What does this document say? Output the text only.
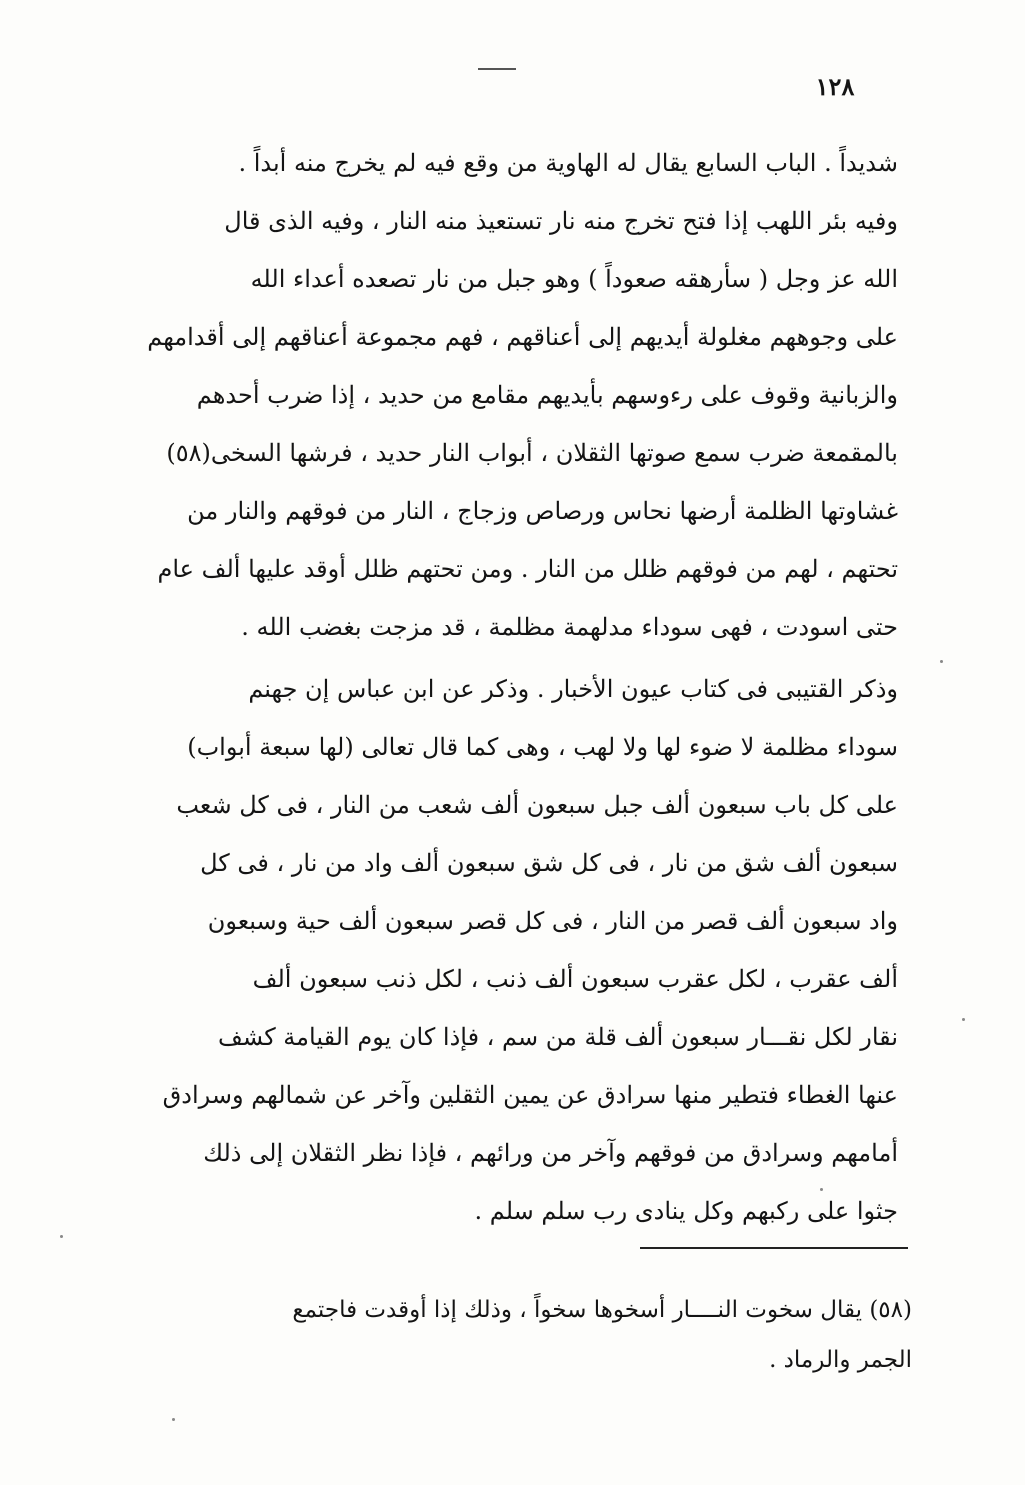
١٢٨
شديداً . الباب السابع يقال له الهاوية من وقع فيه لم يخرج منه أبداً .
وفيه بئر اللهب إذا فتح تخرج منه نار تستعيذ منه النار ، وفيه الذى قال
الله عز وجل ( سأرهقه صعوداً ) وهو جبل من نار تصعده أعداء الله
على وجوههم مغلولة أيديهم إلى أعناقهم ، فهم مجموعة أعناقهم إلى أقدامهم
والزبانية وقوف على رءوسهم بأيديهم مقامع من حديد ، إذا ضرب أحدهم
بالمقمعة ضرب سمع صوتها الثقلان ، أبواب النار حديد ، فرشها السخى(٥٨)
غشاوتها الظلمة أرضها نحاس ورصاص وزجاج ، النار من فوقهم والنار من
تحتهم ، لهم من فوقهم ظلل من النار . ومن تحتهم ظلل أوقد عليها ألف عام
حتى اسودت ، فهى سوداء مدلهمة مظلمة ، قد مزجت بغضب الله .
وذكر القتيبى فى كتاب عيون الأخبار . وذكر عن ابن عباس إن جهنم
سوداء مظلمة لا ضوء لها ولا لهب ، وهى كما قال تعالى (لها سبعة أبواب)
على كل باب سبعون ألف جبل سبعون ألف شعب من النار ، فى كل شعب
سبعون ألف شق من نار ، فى كل شق سبعون ألف واد من نار ، فى كل
واد سبعون ألف قصر من النار ، فى كل قصر سبعون ألف حية وسبعون
ألف عقرب ، لكل عقرب سبعون ألف ذنب ، لكل ذنب سبعون ألف
نقار لكل نقـــار سبعون ألف قلة من سم ، فإذا كان يوم القيامة كشف
عنها الغطاء فتطير منها سرادق عن يمين الثقلين وآخر عن شمالهم وسرادق
أمامهم وسرادق من فوقهم وآخر من ورائهم ، فإذا نظر الثقلان إلى ذلك
جثوا على ركبهم وكل ينادى رب سلم سلم .
(٥٨) يقال سخوت النــــار أسخوها سخواً ، وذلك إذا أوقدت فاجتمع
الجمر والرماد .
